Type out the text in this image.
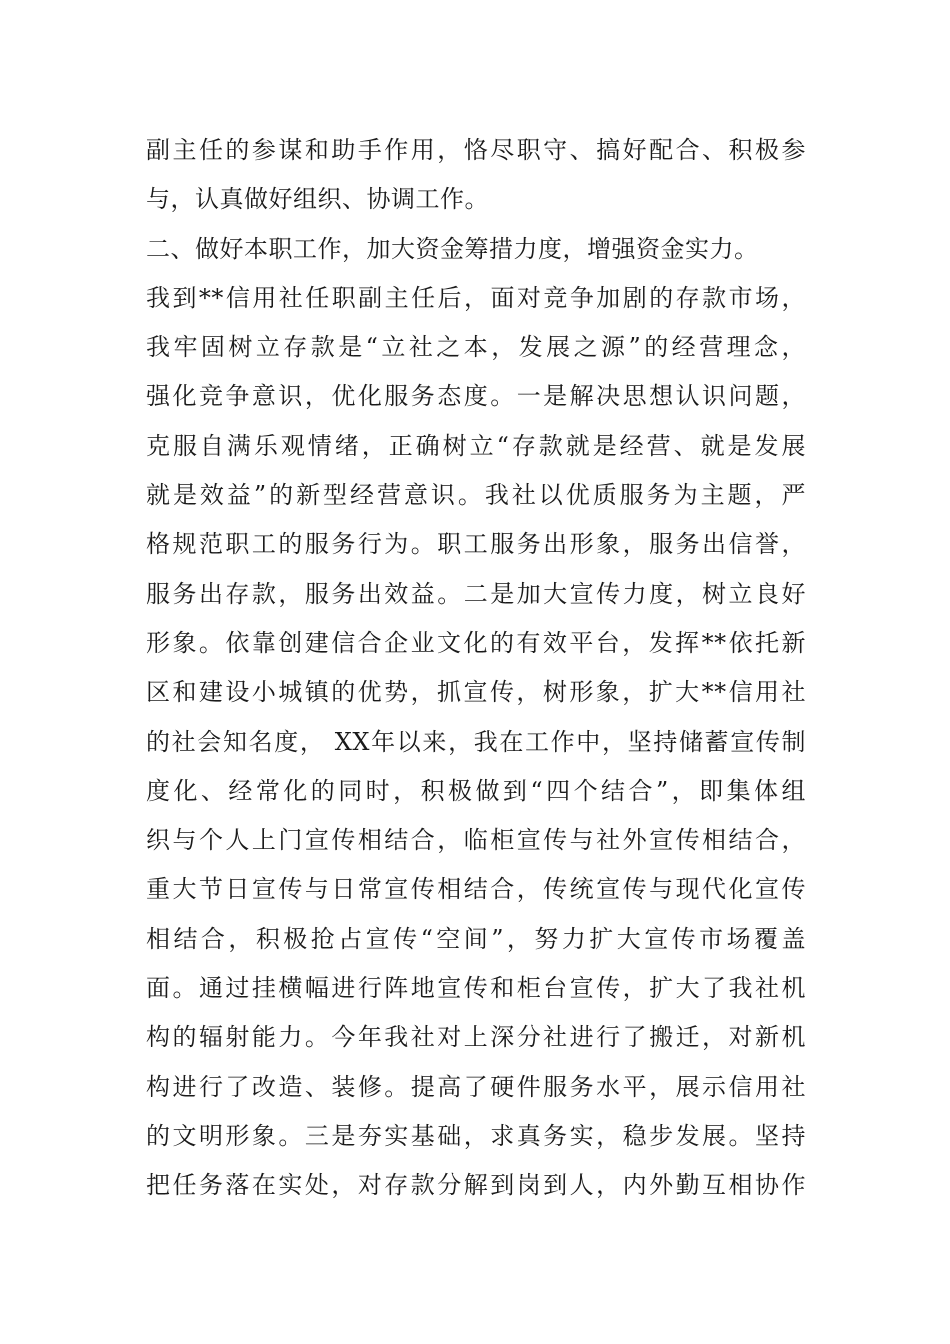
副主任的参谋和助手作用，恪尽职守、搞好配合、积极参
与，认真做好组织、协调工作。
二、做好本职工作，加大资金筹措力度，增强资金实力。
我到**信用社任职副主任后，面对竞争加剧的存款市场，
我牢固树立存款是“立社之本，发展之源”的经营理念，
强化竞争意识，优化服务态度。一是解决思想认识问题，
克服自满乐观情绪，正确树立“存款就是经营、就是发展
就是效益”的新型经营意识。我社以优质服务为主题，严
格规范职工的服务行为。职工服务出形象，服务出信誉，
服务出存款，服务出效益。二是加大宣传力度，树立良好
形象。依靠创建信合企业文化的有效平台，发挥**依托新
区和建设小城镇的优势，抓宣传，树形象，扩大**信用社
的社会知名度， XX年以来，我在工作中，坚持储蓄宣传制
度化、经常化的同时，积极做到“四个结合”，即集体组
织与个人上门宣传相结合，临柜宣传与社外宣传相结合，
重大节日宣传与日常宣传相结合，传统宣传与现代化宣传
相结合，积极抢占宣传“空间”，努力扩大宣传市场覆盖
面。通过挂横幅进行阵地宣传和柜台宣传，扩大了我社机
构的辐射能力。今年我社对上深分社进行了搬迁，对新机
构进行了改造、装修。提高了硬件服务水平，展示信用社
的文明形象。三是夯实基础，求真务实，稳步发展。坚持
把任务落在实处，对存款分解到岗到人，内外勤互相协作
